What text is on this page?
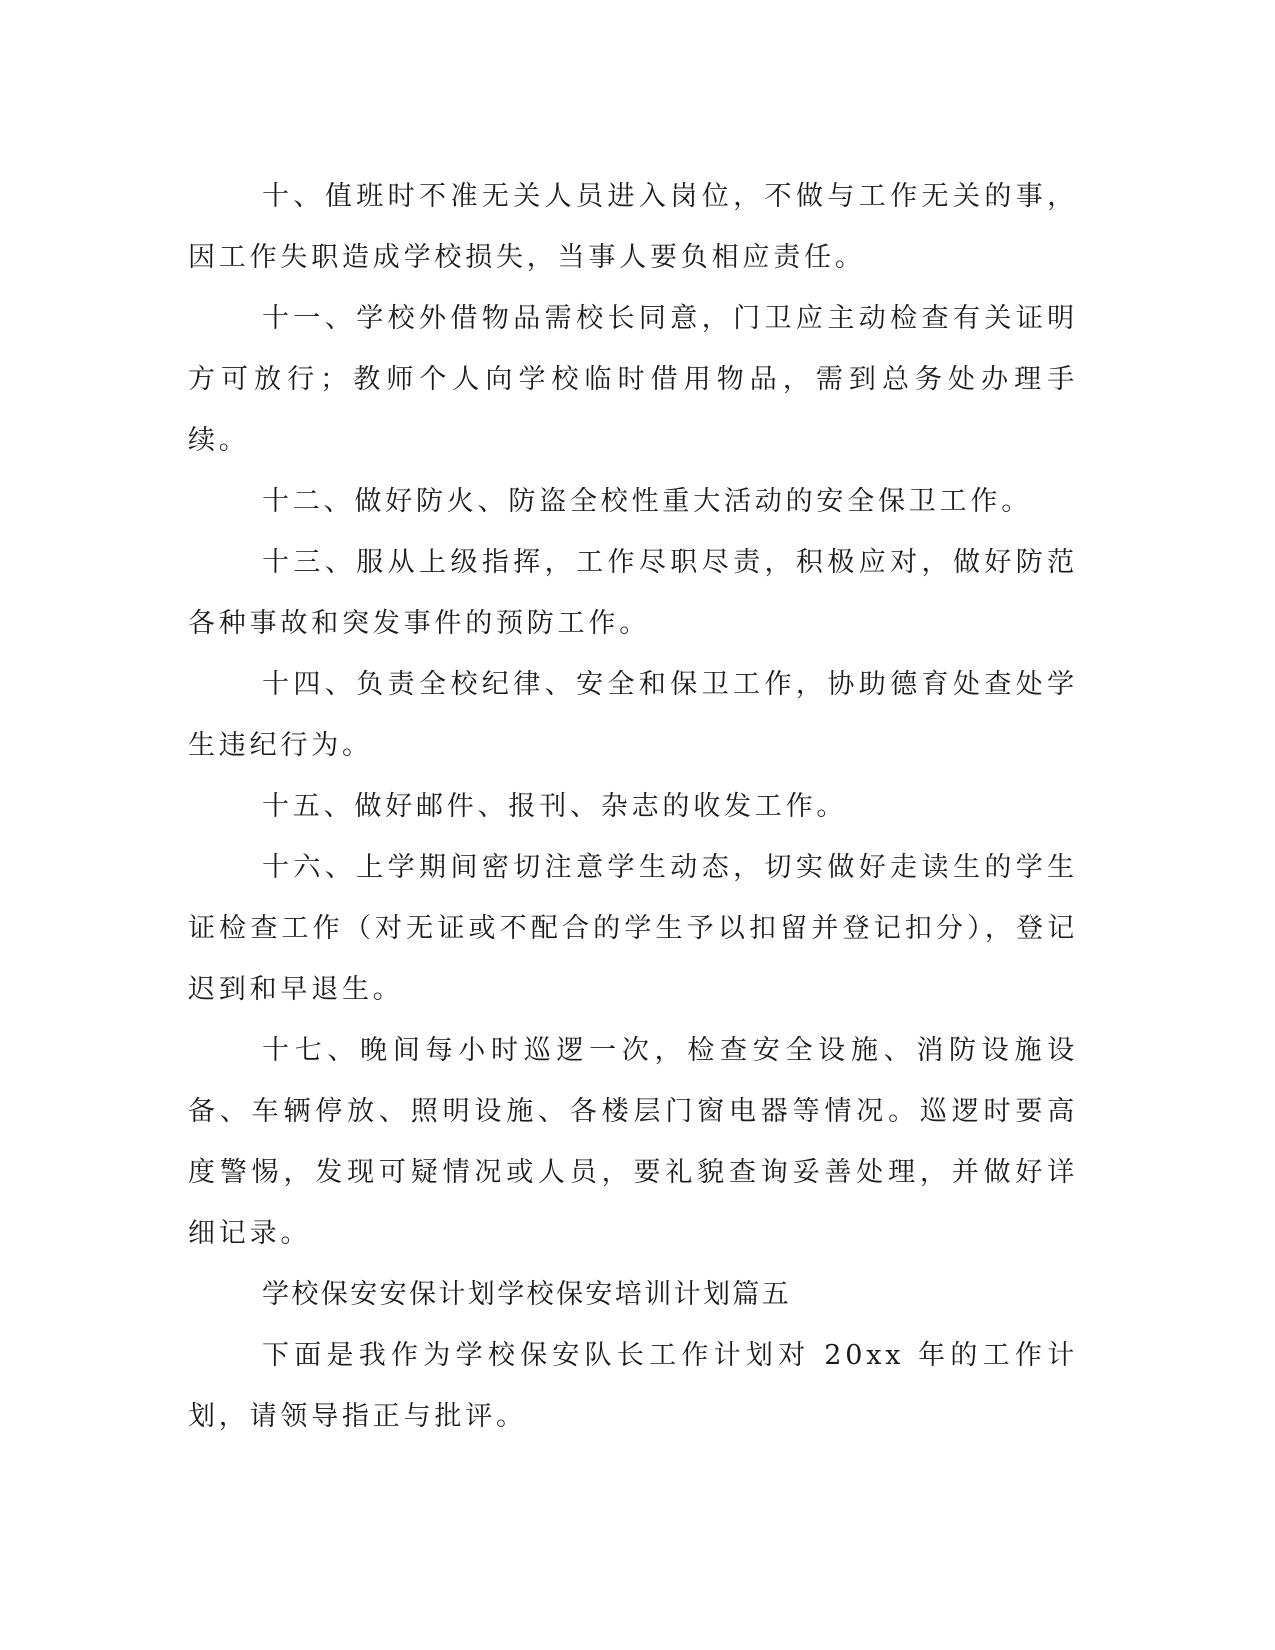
十、值班时不准无关人员进入岗位，不做与工作无关的事，因工作失职造成学校损失，当事人要负相应责任。

十一、学校外借物品需校长同意，门卫应主动检查有关证明方可放行；教师个人向学校临时借用物品，需到总务处办理手续。

十二、做好防火、防盗全校性重大活动的安全保卫工作。

十三、服从上级指挥，工作尽职尽责，积极应对，做好防范各种事故和突发事件的预防工作。

十四、负责全校纪律、安全和保卫工作，协助德育处查处学生违纪行为。

十五、做好邮件、报刊、杂志的收发工作。

十六、上学期间密切注意学生动态，切实做好走读生的学生证检查工作（对无证或不配合的学生予以扣留并登记扣分），登记迟到和早退生。

十七、晚间每小时巡逻一次，检查安全设施、消防设施设备、车辆停放、照明设施、各楼层门窗电器等情况。巡逻时要高度警惕，发现可疑情况或人员，要礼貌查询妥善处理，并做好详细记录。

学校保安安保计划学校保安培训计划篇五

下面是我作为学校保安队长工作计划对 20xx 年的工作计划，请领导指正与批评。
